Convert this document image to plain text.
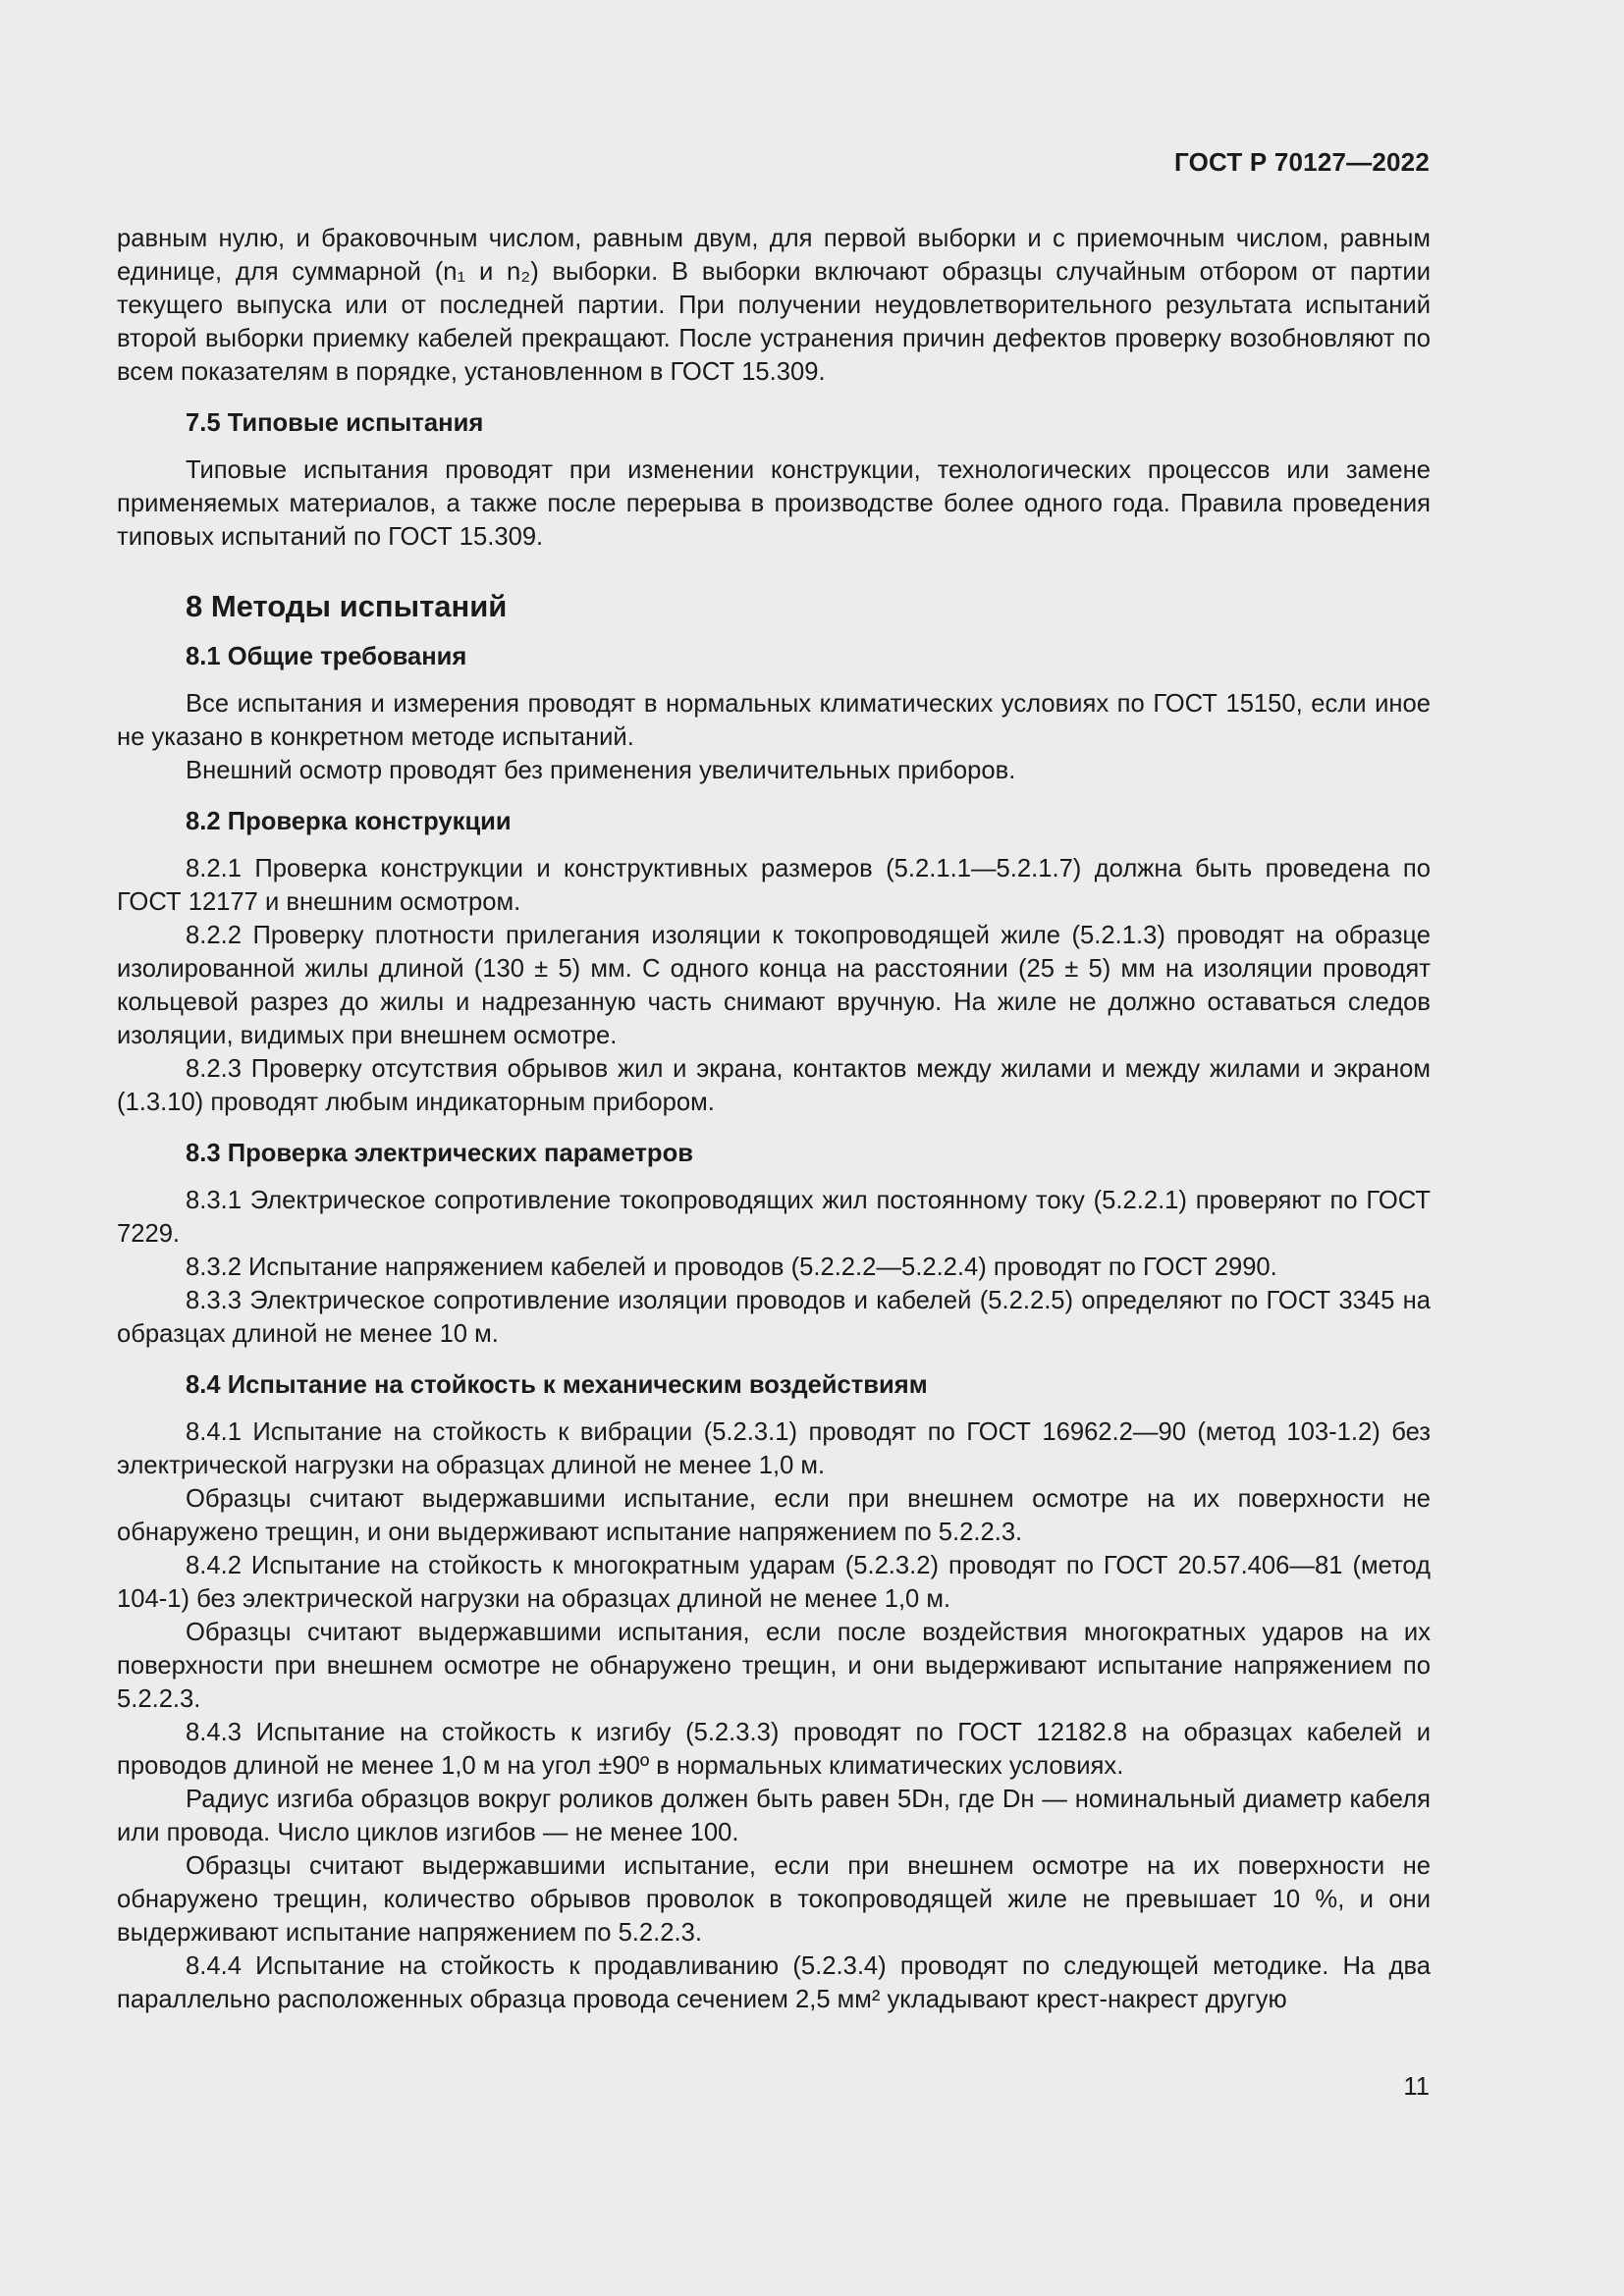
ГОСТ Р 70127—2022

равным нулю, и браковочным числом, равным двум, для первой выборки и с приемочным числом, равным единице, для суммарной (n₁ и n₂) выборки. В выборки включают образцы случайным отбором от партии текущего выпуска или от последней партии. При получении неудовлетворительного результата испытаний второй выборки приемку кабелей прекращают. После устранения причин дефектов проверку возобновляют по всем показателям в порядке, установленном в ГОСТ 15.309.

7.5 Типовые испытания

Типовые испытания проводят при изменении конструкции, технологических процессов или замене применяемых материалов, а также после перерыва в производстве более одного года. Правила проведения типовых испытаний по ГОСТ 15.309.

8 Методы испытаний
8.1 Общие требования

Все испытания и измерения проводят в нормальных климатических условиях по ГОСТ 15150, если иное не указано в конкретном методе испытаний.

Внешний осмотр проводят без применения увеличительных приборов.

8.2 Проверка конструкции

8.2.1 Проверка конструкции и конструктивных размеров (5.2.1.1—5.2.1.7) должна быть проведена по ГОСТ 12177 и внешним осмотром.

8.2.2 Проверку плотности прилегания изоляции к токопроводящей жиле (5.2.1.3) проводят на образце изолированной жилы длиной (130 ± 5) мм. С одного конца на расстоянии (25 ± 5) мм на изоляции проводят кольцевой разрез до жилы и надрезанную часть снимают вручную. На жиле не должно оставаться следов изоляции, видимых при внешнем осмотре.

8.2.3 Проверку отсутствия обрывов жил и экрана, контактов между жилами и между жилами и экраном (1.3.10) проводят любым индикаторным прибором.

8.3 Проверка электрических параметров

8.3.1 Электрическое сопротивление токопроводящих жил постоянному току (5.2.2.1) проверяют по ГОСТ 7229.

8.3.2 Испытание напряжением кабелей и проводов (5.2.2.2—5.2.2.4) проводят по ГОСТ 2990.

8.3.3 Электрическое сопротивление изоляции проводов и кабелей (5.2.2.5) определяют по ГОСТ 3345 на образцах длиной не менее 10 м.

8.4 Испытание на стойкость к механическим воздействиям

8.4.1 Испытание на стойкость к вибрации (5.2.3.1) проводят по ГОСТ 16962.2—90 (метод 103-1.2) без электрической нагрузки на образцах длиной не менее 1,0 м.

Образцы считают выдержавшими испытание, если при внешнем осмотре на их поверхности не обнаружено трещин, и они выдерживают испытание напряжением по 5.2.2.3.

8.4.2 Испытание на стойкость к многократным ударам (5.2.3.2) проводят по ГОСТ 20.57.406—81 (метод 104-1) без электрической нагрузки на образцах длиной не менее 1,0 м.

Образцы считают выдержавшими испытания, если после воздействия многократных ударов на их поверхности при внешнем осмотре не обнаружено трещин, и они выдерживают испытание напряжением по 5.2.2.3.

8.4.3 Испытание на стойкость к изгибу (5.2.3.3) проводят по ГОСТ 12182.8 на образцах кабелей и проводов длиной не менее 1,0 м на угол ±90º в нормальных климатических условиях.

Радиус изгиба образцов вокруг роликов должен быть равен 5Dн, где Dн — номинальный диаметр кабеля или провода. Число циклов изгибов — не менее 100.

Образцы считают выдержавшими испытание, если при внешнем осмотре на их поверхности не обнаружено трещин, количество обрывов проволок в токопроводящей жиле не превышает 10 %, и они выдерживают испытание напряжением по 5.2.2.3.

8.4.4 Испытание на стойкость к продавливанию (5.2.3.4) проводят по следующей методике. На два параллельно расположенных образца провода сечением 2,5 мм² укладывают крест-накрест другую

11
